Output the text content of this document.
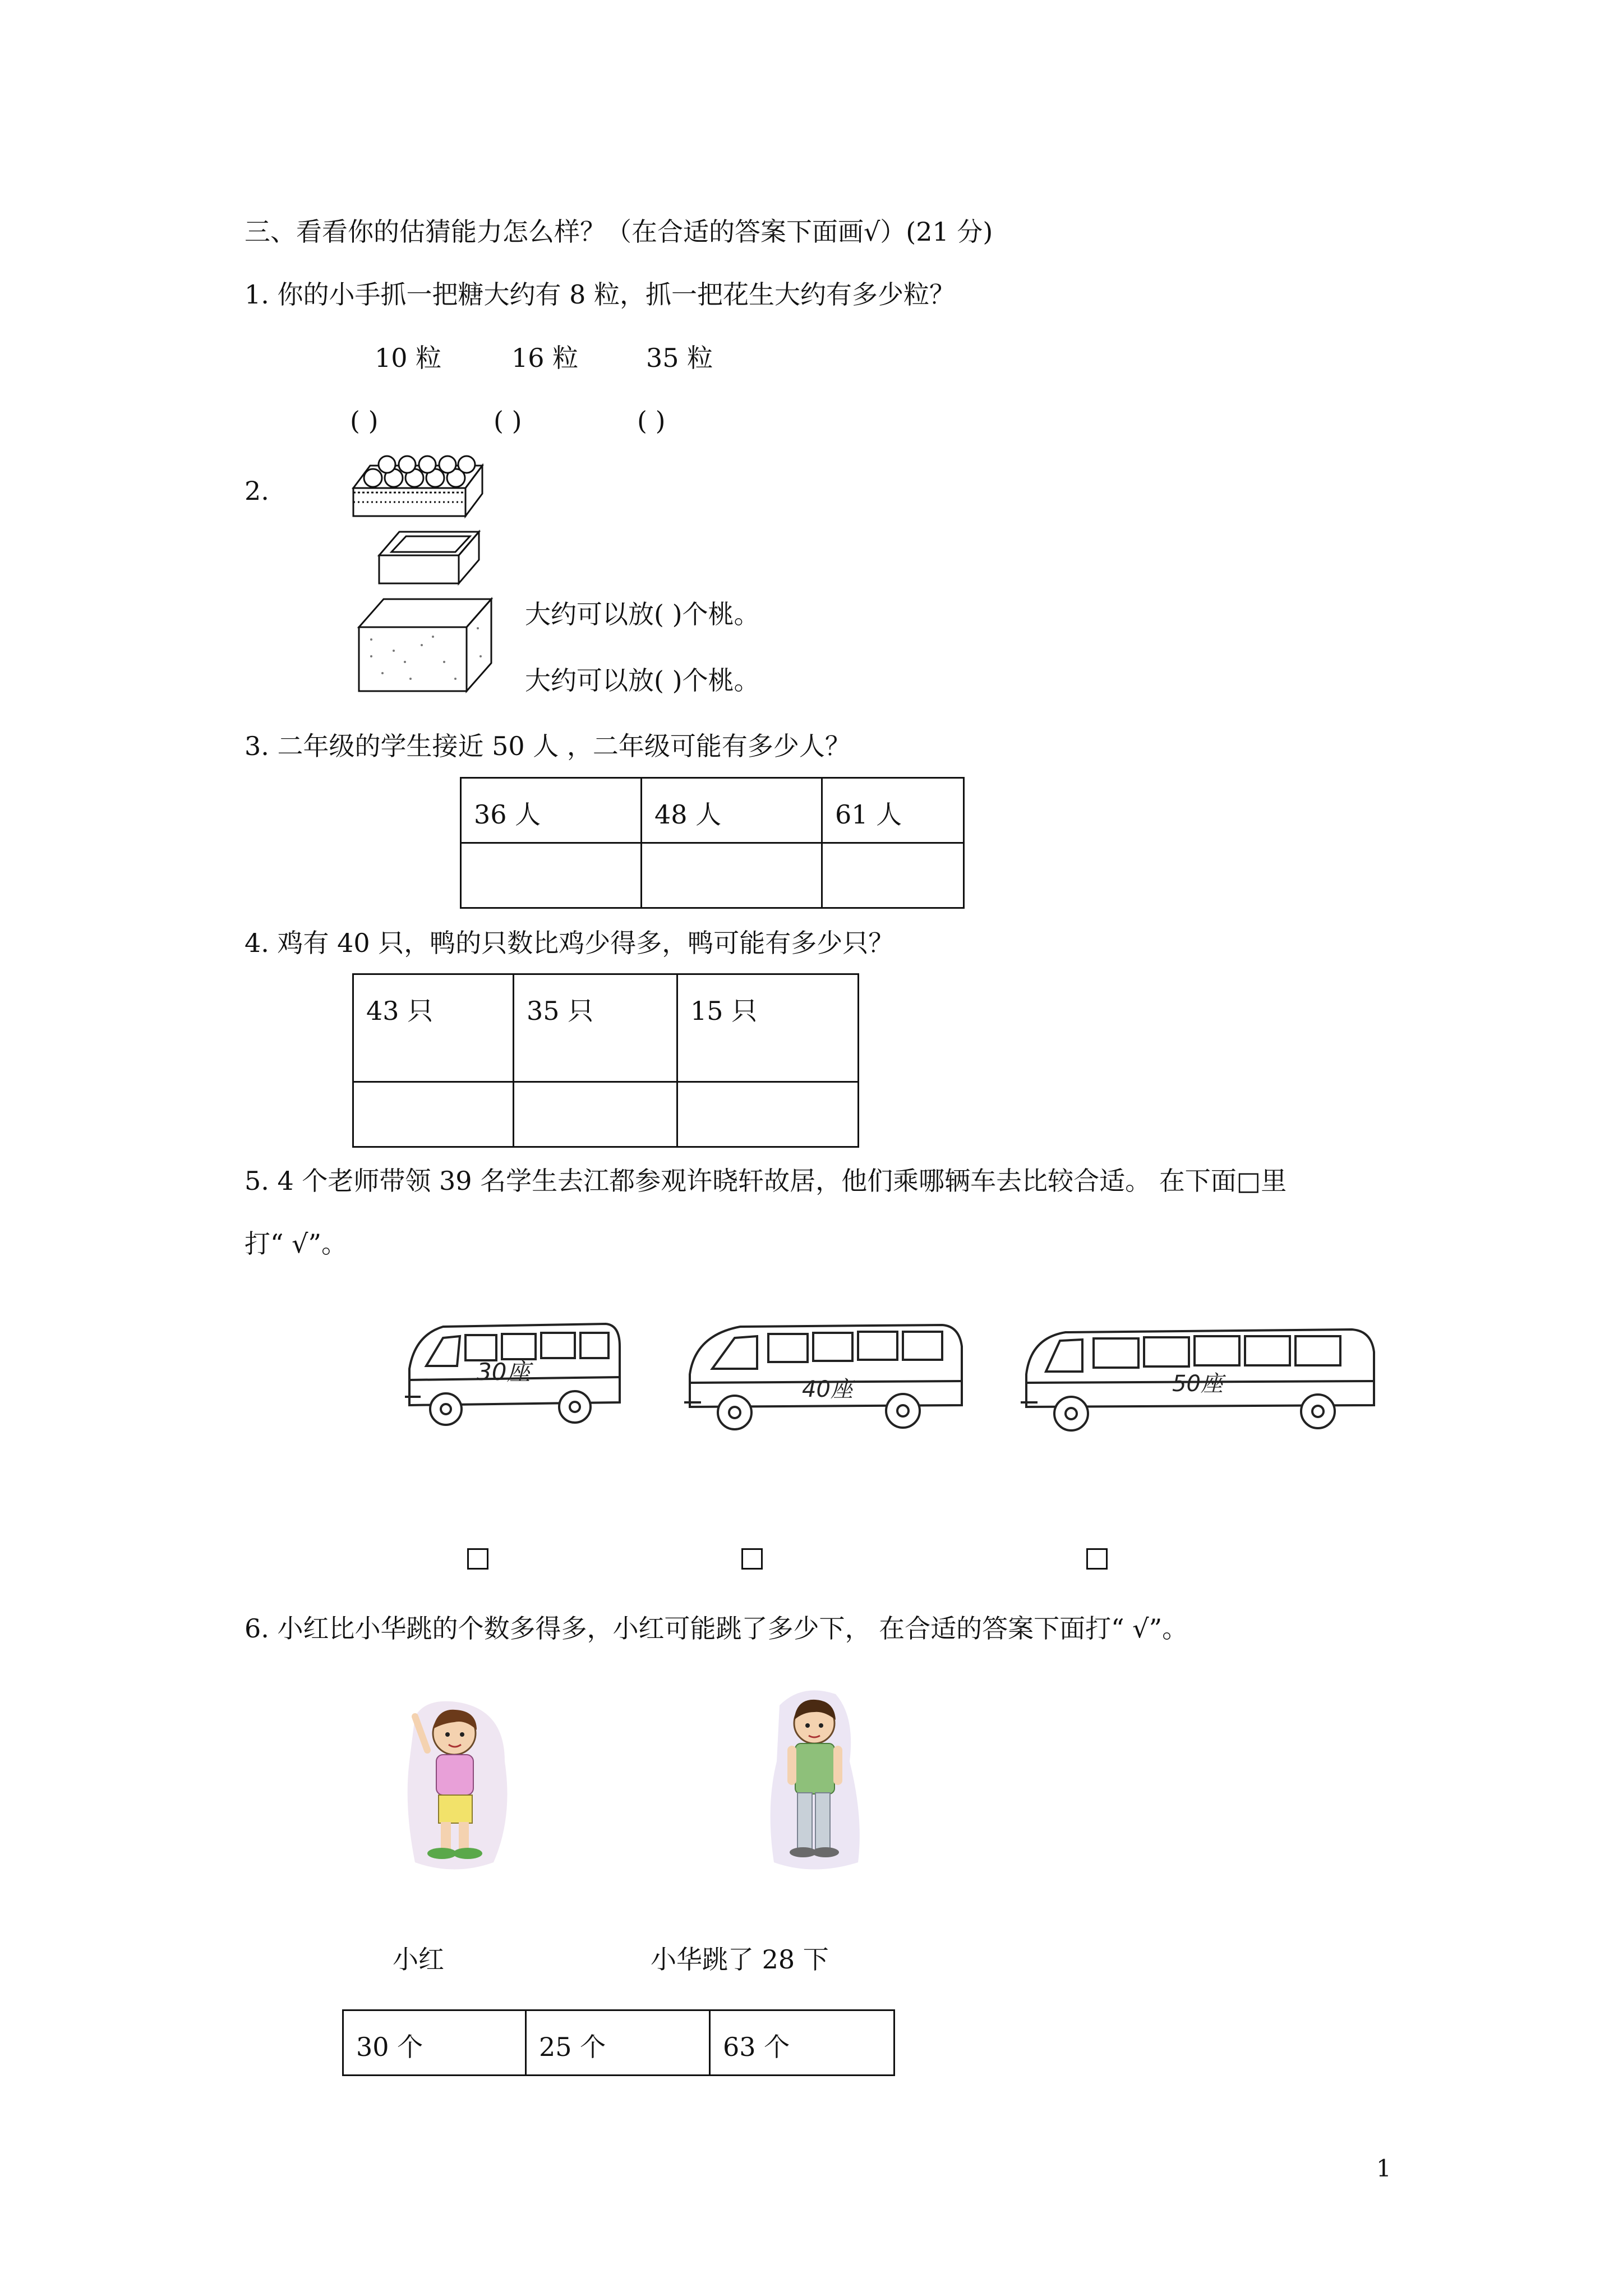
三、看看你的估猜能力怎么样？（在合适的答案下面画√）(21 分)
1. 你的小手抓一把糖大约有 8 粒，抓一把花生大约有多少粒？
10 粒	16 粒	35 粒
( )	( )	( )
2.
大约可以放( )个桃。
大约可以放( )个桃。
3. 二年级的学生接近 50 人 ，二年级可能有多少人？
36 人	48 人	61 人

4. 鸡有 40 只，鸭的只数比鸡少得多，鸭可能有多少只？
43 只	35 只	15 只

5. 4 个老师带领 39 名学生去江都参观许晓轩故居，他们乘哪辆车去比较合适。 在下面□里
打“ √”。
30座
40座	50座
6. 小红比小华跳的个数多得多，小红可能跳了多少下， 在合适的答案下面打“ √”。
小红	小华跳了 28 下
30 个	25 个	63 个
1
